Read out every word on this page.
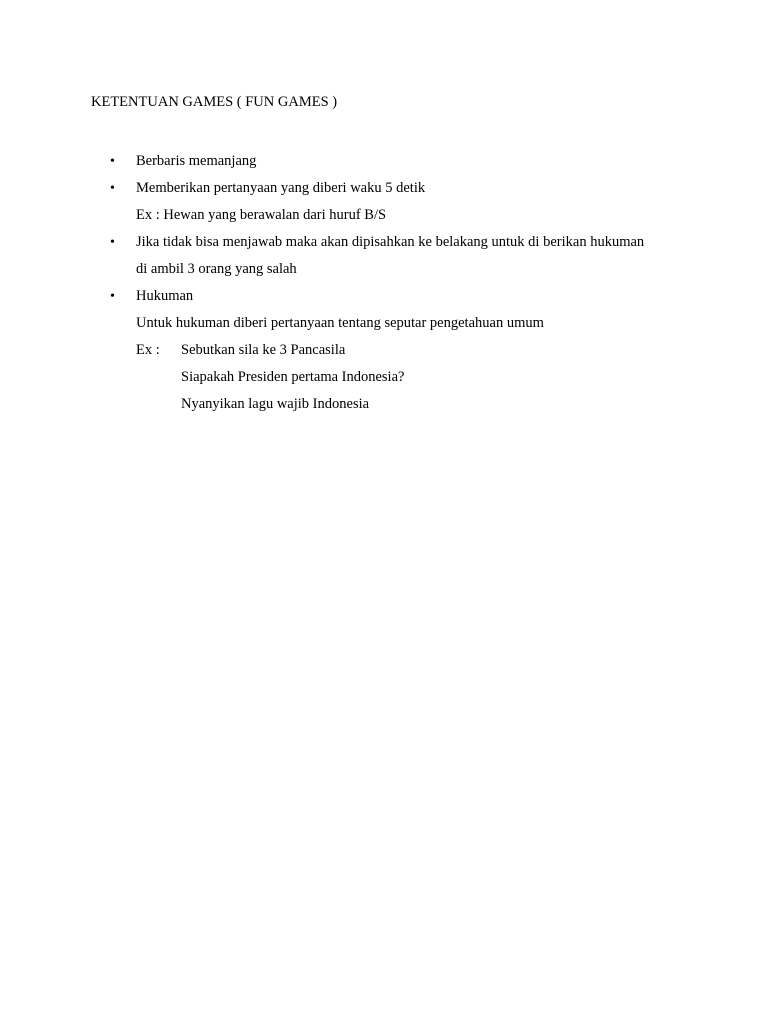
KETENTUAN GAMES ( FUN GAMES )
• Berbaris memanjang
• Memberikan pertanyaan yang diberi waku 5 detik
Ex : Hewan yang berawalan dari huruf B/S
• Jika tidak bisa menjawab maka akan dipisahkan ke belakang untuk di berikan hukuman
di ambil 3 orang yang salah
• Hukuman
Untuk hukuman diberi pertanyaan tentang seputar pengetahuan umum
Ex : Sebutkan sila ke 3 Pancasila
Siapakah Presiden pertama Indonesia?
Nyanyikan lagu wajib Indonesia
